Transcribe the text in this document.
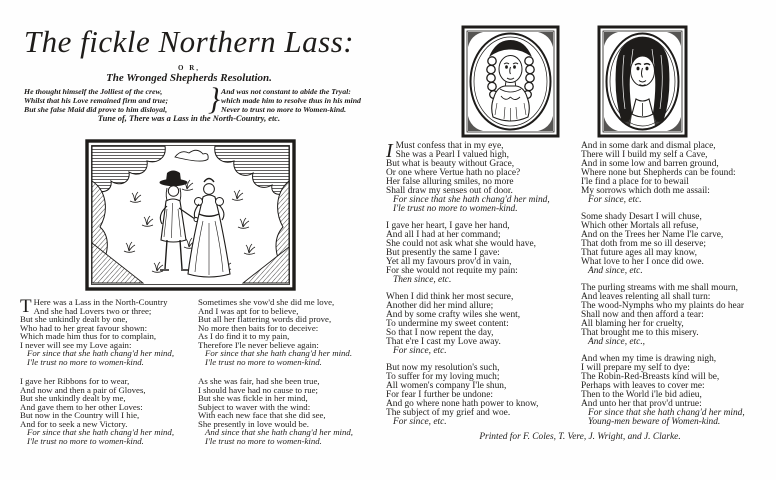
The fickle Northern Lass:
O R,
The Wronged Shepherds Resolution.
He thought himself the Jolliest of the crew,
Whilst that his Love remained firm and true;
But she false Maid did prove to him disloyal,	} And was not constant to abide the Tryal:
which made him to resolve thus in his mind
Never to trust no more to Women-kind.
Tune of, There was a Lass in the North-Country, etc.
T Here was a Lass in the North-Country
And she had Lovers two or three;
But she unkindly dealt by one,
Who had to her great favour shown:
Which made him thus for to complain,
I never will see my Love again:
For since that she hath chang'd her mind,
I'le trust no more to women-kind.
I gave her Ribbons for to wear,
And now and then a pair of Gloves,
But she unkindly dealt by me,
And gave them to her other Loves:
But now in the Country will I hie,
And for to seek a new Victory.
For since that she hath chang'd her mind,
I'le trust no more to women-kind.
Sometimes she vow'd she did me love,
And I was apt for to believe,
But all her flattering words did prove,
No more then baits for to deceive:
As I do find it to my pain,
Therefore I'le never believe again:
For since that she hath chang'd her mind.
I'le trust no more to women-kind.
As she was fair, had she been true,
I should have had no cause to rue;
But she was fickle in her mind,
Subject to waver with the wind:
With each new face that she did see,
She presently in love would be.
And since that she hath chang'd her mind,
I'le trust no more to women-kind.
I Must confess that in my eye,
She was a Pearl I valued high,
But what is beauty without Grace,
Or one where Vertue hath no place?
Her false alluring smiles, no more
Shall draw my senses out of door.
For since that she hath chang'd her mind,
I'le trust no more to women-kind.
I gave her heart, I gave her hand,
And all I had at her command;
She could not ask what she would have,
But presently the same I gave:
Yet all my favours prov'd in vain,
For she would not requite my pain:
Then since, etc.
When I did think her most secure,
Another did her mind allure;
And by some crafty wiles she went,
To undermine my sweet content:
So that I now repent the day,
That e're I cast my Love away.
For since, etc.
But now my resolution's such,
To suffer for my loving much;
All women's company I'le shun,
For fear I further be undone:
And go where none hath power to know,
The subject of my grief and woe.
For since, etc.
And in some dark and dismal place,
There will I build my self a Cave,
And in some low and barren ground,
Where none but Shepherds can be found:
I'le find a place for to bewail
My sorrows which doth me assail:
For since, etc.
Some shady Desart I will chuse,
Which other Mortals all refuse,
And on the Trees her Name I'le carve,
That doth from me so ill deserve;
That future ages all may know,
What love to her I once did owe.
And since, etc.
The purling streams with me shall mourn,
And leaves relenting all shall turn:
The wood-Nymphs who my plaints do hear
Shall now and then afford a tear:
All blaming her for cruelty,
That brought me to this misery.
And since, etc.,
And when my time is drawing nigh,
I will prepare my self to dye:
The Robin-Red-Breasts kind will be,
Perhaps with leaves to cover me:
Then to the World i'le bid adieu,
And unto her that prov'd untrue:
For since that she hath chang'd her mind,
Young-men beware of Women-kind.
Printed for F. Coles, T. Vere, J. Wright, and J. Clarke.
